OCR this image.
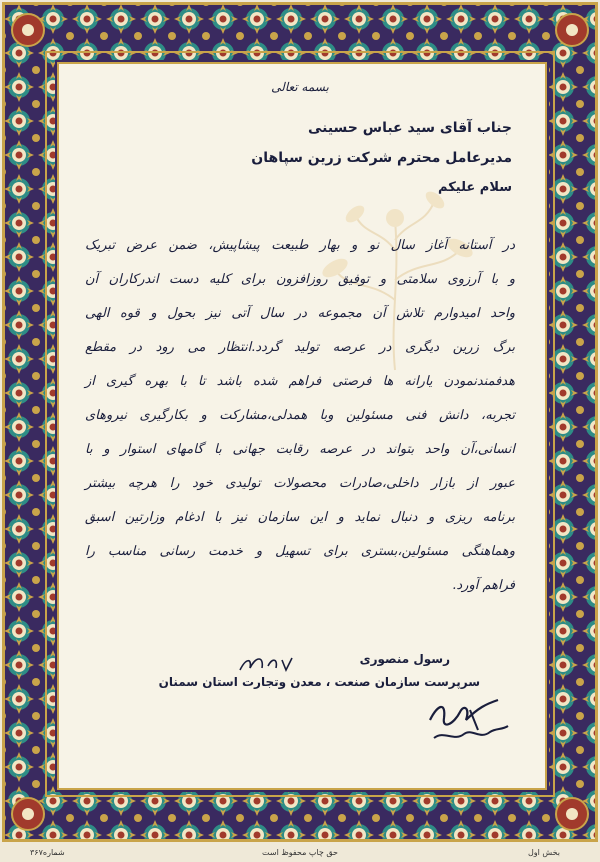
بسمه تعالی
جناب آقای سید عباس حسینی
مدیرعامل محترم شرکت زرین سپاهان
سلام علیکم
در آستانه آغاز سال نو و بهار طبیعت پیشاپیش، ضمن عرض تبریک
و با آرزوی سلامتی و توفیق روزافزون برای کلیه دست اندرکاران آن
واحد امیدوارم تلاش آن مجموعه در سال آتی نیز بحول و قوه الهی
برگ زرین دیگری در عرصه تولید گردد.انتظار می رود در مقطع
هدفمندنمودن یارانه ها فرصتی فراهم شده باشد تا با بهره گیری از
تجربه، دانش فنی مسئولین وبا همدلی،مشارکت و بکارگیری نیروهای
انسانی،آن واحد بتواند در عرصه رقابت جهانی با گامهای استوار و با
عبور از بازار داخلی،صادرات محصولات تولیدی خود را هرچه بیشتر
برنامه ریزی و دنبال نماید و این سازمان نیز با ادغام وزارتین اسبق
وهماهنگی مسئولین،بستری برای تسهیل و خدمت رسانی مناسب را
فراهم آورد.
رسول منصوری
سرپرست سازمان صنعت ، معدن وتجارت استان سمنان
شماره۳۶۷	حق چاپ محفوظ است	بخش اول
